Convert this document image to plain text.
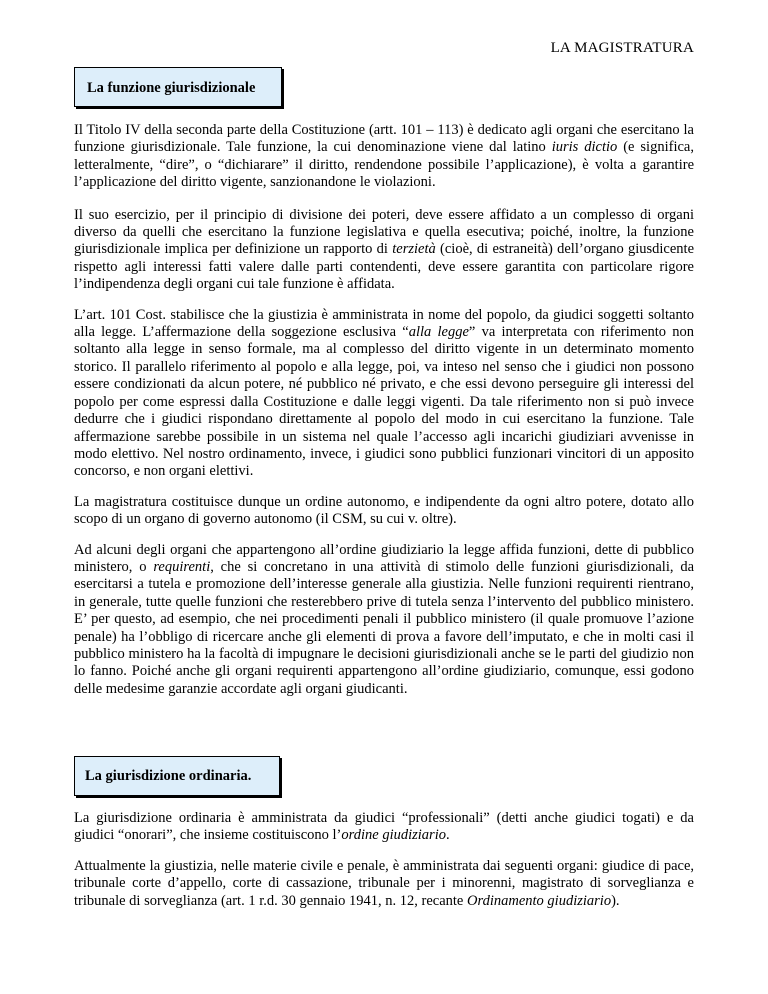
LA MAGISTRATURA
La funzione giurisdizionale

Il Titolo IV della seconda parte della Costituzione (artt. 101 – 113) è dedicato agli organi che esercitano la funzione giurisdizionale. Tale funzione, la cui denominazione viene dal latino iuris dictio (e significa, letteralmente, “dire”, o “dichiarare” il diritto, rendendone possibile l’applicazione), è volta a garantire l’applicazione del diritto vigente, sanzionandone le violazioni.

Il suo esercizio, per il principio di divisione dei poteri, deve essere affidato a un complesso di organi diverso da quelli che esercitano la funzione legislativa e quella esecutiva; poiché, inoltre, la funzione giurisdizionale implica per definizione un rapporto di terzietà (cioè, di estraneità) dell’organo giusdicente rispetto agli interessi fatti valere dalle parti contendenti, deve essere garantita con particolare rigore l’indipendenza degli organi cui tale funzione è affidata.

L’art. 101 Cost. stabilisce che la giustizia è amministrata in nome del popolo, da giudici soggetti soltanto alla legge. L’affermazione della soggezione esclusiva “alla legge” va interpretata con riferimento non soltanto alla legge in senso formale, ma al complesso del diritto vigente in un determinato momento storico. Il parallelo riferimento al popolo e alla legge, poi, va inteso nel senso che i giudici non possono essere condizionati da alcun potere, né pubblico né privato, e che essi devono perseguire gli interessi del popolo per come espressi dalla Costituzione e dalle leggi vigenti. Da tale riferimento non si può invece dedurre che i giudici rispondano direttamente al popolo del modo in cui esercitano la funzione. Tale affermazione sarebbe possibile in un sistema nel quale l’accesso agli incarichi giudiziari avvenisse in modo elettivo. Nel nostro ordinamento, invece, i giudici sono pubblici funzionari vincitori di un apposito concorso, e non organi elettivi.

La magistratura costituisce dunque un ordine autonomo, e indipendente da ogni altro potere, dotato allo scopo di un organo di governo autonomo (il CSM, su cui v. oltre).

Ad alcuni degli organi che appartengono all’ordine giudiziario la legge affida funzioni, dette di pubblico ministero, o requirenti, che si concretano in una attività di stimolo delle funzioni giurisdizionali, da esercitarsi a tutela e promozione dell’interesse generale alla giustizia. Nelle funzioni requirenti rientrano, in generale, tutte quelle funzioni che resterebbero prive di tutela senza l’intervento del pubblico ministero. E’ per questo, ad esempio, che nei procedimenti penali il pubblico ministero (il quale promuove l’azione penale) ha l’obbligo di ricercare anche gli elementi di prova a favore dell’imputato, e che in molti casi il pubblico ministero ha la facoltà di impugnare le decisioni giurisdizionali anche se le parti del giudizio non lo fanno. Poiché anche gli organi requirenti appartengono all’ordine giudiziario, comunque, essi godono delle medesime garanzie accordate agli organi giudicanti.

La giurisdizione ordinaria.

La giurisdizione ordinaria è amministrata da giudici “professionali” (detti anche giudici togati) e da giudici “onorari”, che insieme costituiscono l’ordine giudiziario.

Attualmente la giustizia, nelle materie civile e penale, è amministrata dai seguenti organi: giudice di pace, tribunale corte d’appello, corte di cassazione, tribunale per i minorenni, magistrato di sorveglianza e tribunale di sorveglianza (art. 1 r.d. 30 gennaio 1941, n. 12, recante Ordinamento giudiziario).
